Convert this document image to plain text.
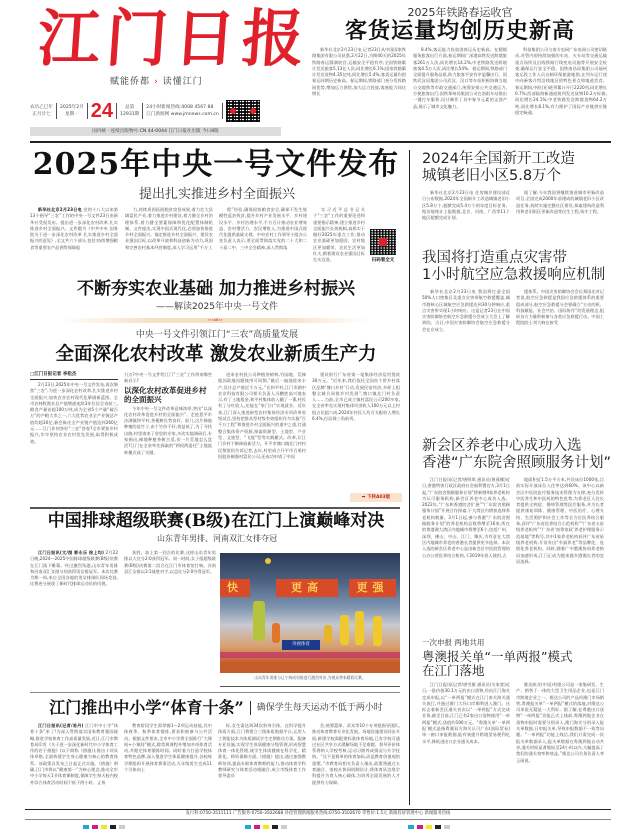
江门日报
赋能侨都 › 读懂江门
农历乙巳年
正月廿七
2025年2月
星期一 24	总第
12931期
24小时新闻热线:4008 4567 88
江门新闻网 www.jmnews.com.cn
国内统一连续出版物号:CN 44-0044 江门日报社出版 今日8版
2025年铁路春运收官
客货运量均创历史新高
新华社北京2月23日电 记者23日从中国国家铁路集团有限公司获悉,2月22日,为期40天的2025年铁路春运圆满收官,运输安全平稳有序,全国铁路累计发送旅客5.13亿人次,同比增长6.1%;国家铁路累计发送货物4.35亿吨,同比增长5.4%,客货运量均创春运同期历史新高。春运期间,铁路部门充分发挥路网优势,增加运力供给,加大运力投放,客座能力同比增长
8.4%,客运能力投放创春运历史新高。在精细服务旅客出行方面,春运期间广深港高铁发送跨境旅客261万人次,同比增长14.2%,中老铁路发送跨境旅客4.5万人次,同比增长54%。春运期间,铁路部门全面提升服务品质,助力旅客平安有序温馨出行。国铁武汉局集团公司武汉、汉口等车站积极协调当地公交地铁等市政交通部门,统筹安排公共交通运力,方便旅客出行;国铁郑州局集团公司在洛阳车站推出一键打车服务,设计制作了具中春节元素的文创产品,展示了城市文化魅力。
科技集团公司与南方电网广东电网公司密切联动,对管内原持续加强的车站、火车站等交通运输重点场所及沿线铁路行线变电设施等开展安全检查,确保运行安全平稳。国铁南昌局集团公司福州客运段工作人员自制环保旅游地图,在列车运行途中向乘客介绍沿线地区的特色景点和地道美食。春运期间,中欧(亚)班列累计开行2220列,同比增长0.7%;西部陆海新通道班列发送货物10.2万标箱,同比增长24.1%;中老铁路发送跨境货物64.2万吨,同比增长8.1%,有力维护了国际产业链供应链稳定畅通。
2025年中央一号文件发布
提出扎实推进乡村全面振兴
新华社北京2月23日电 党的十八大以来第13个指导“三农”工作的中央一号文件23日由新华社受权发布。提出进一步深化农村改革,扎实推进乡村全面振兴。文件题为《中共中央 国务院关于进一步深化农村改革 扎实推进乡村全面振兴的意见》,全文共六个部分,包括:持续增强粮食等重要农产品供给保障能
力,持续巩固拓展脱贫攻坚成果,着力壮大县域富民产业,着力推进乡村建设,着力健全乡村治理体系,着力健全要素保障和优化配置体制机制。文件提出,实现中国式现代化,必须加快推进乡村全面振兴。锚定推进乡村全面振兴、建设农业强国目标,以改革开放和科技创新为动力,巩固和完善农村基本经营制度,深入学习运用“千万工
程”经验,确保国家粮食安全,确保不发生规模性返贫致贫,提升乡村产业发展水平、乡村建设水平、乡村治理水平,千方百计推动农业增效益、农村增活力、农民增收入,为推进中国式现代化提供基础支撑。中央农村工作领导小组办公室负责人表示,要全面贯彻落实党的二十大和二十届二中、三中全会精神,深入贯彻落
实习近平总书记关于“三农”工作的重要论述和重要指示精神,建立推进乡村全面振兴长效机制,真抓实干做好2025年重点工作,推动农业基础更加稳固、农村地区更加繁荣、农民生活更加红火,朝着建设农业强国目标扎实迈进。	扫码看全文
不断夯实农业基础 加力推进乡村振兴
——解读2025年中央一号文件
»»»AB««
中央一号文件引领江门“三农”高质量发展
全面深化农村改革 激发农业新质生产力
□江门日报记者 李松杰
2月23日,2025年中央一号文件发布,再次聚焦“三农”,为进一步深化农村改革,扎实推进乡村全面振兴,加快农业农村现代化擘画新蓝图。全市农林牧渔业总产值增速连续3年位居全省前三,粮食产量首超100万吨,成为全省5个产量“破百万”的产粮大市之一,六大优势农业全产业链总产值均超30亿,新会陈皮全产业链产值达到260亿元……江门作何答好“三农”答卷?全市紧扣乡村振兴,牢牢坚持农业农村优先发展,取得积极成效。
力点?中央一号文件给江门“三农”工作带来哪些新启示?
以深化农村改革促进乡村的全面振兴
今年中央一号文件改革意味浓厚,突出“以深化农村改革促进乡村的全面振兴”。走进恩平市沙湖镇和平村,茶梗树长势良好。前几,这片梯地种植的是竹子,由于竹价不好,效益低了,为了寻找出路,村里请来了省里的专家,多次实地调研后,专家指出,梯地种植茶树合适,但一片荒地怎么盘活?江门在全省率先探索的“两权两委托”土地流转模式成了关键。
进来农村投公司种植茶树林,竹园地、荒梯地因政地问题使用可同频,“截后一遍地进来丰产,设计总产值近千万元。”在和平村,江门市湖中农业科技有限公司相关负责人冯鹏胜高兴地表示,有了土地租金,和平村集体收入翻了一番,村民有了分红收入,还能在“家门口”实现就业。近年来,江门深入推进新型农村集体经济专项改革省级试点,坚持把推具型村级有效组织作为实施“百千万工程”和推进乡村全面振兴的重中之重,打通整合集体资产资源,探索资源型、土地型、产业型、文旅型、“飞地”型等实践模式。改革,让江门乡村不断释放新活力。开平市塘口镇北门村村民黎凯恒告诉记者,去年,村里成立开平市百果村恒股份制强村富民公司,还成功申请了中国
建设银行广东省第一笔集体经济信用贷款30万元。“近年来,我们依托全国首个侨乡村落区品牌‘塘口乡村’行动,发展民宿经济,多样上租整全域合同推乡村发展”,塘口镇北门村负责人……当前,全市已成立镇村富民公司200多家,在全省率先实现村集体经济收入100万元以上村组占比超六成,2024年村民人均可支配收入增长6.4%,位居珠三角前列。
➡ 下转A03版
中国排球超级联赛(B级)在江门上演巅峰对决
山东青年男排、河南双汇女排夺冠
江门日报讯(文/图 郭永乐 徐上均) 2月22日晚,2024—2025中国排球超级联赛(B级)决赛在江门落下帷幕。经过激烈角逐,山东青年男排和河南双汇女排分别获得男女排冠军。本次比赛为期一周,来自全国各地的男女排球队同场竞技,比赛充分展现了新时代排球运动员的风貌。
获胜。加上第一回合的比赛,这样山东青年男排以大比分2:0获得冠军。同一时间,女子组超级联赛(B级)决赛第二回合在江门市体育馆打响。河南双汇女排以3:1战胜对手,以总比分2:0夺得冠军。
快	更高	更强
央视体育
山东青年男排与辽宁鸿成男排进行激烈对决,为观众带来精彩比赛。
江门推出中小学“体育十条” 确保学生每天运动不低于两小时
江门日报讯(记者/易丹) 江门市中小学“体育十条”来了!为深入贯彻落实国家教育强国战略,推进学校体育工作高质量发展,近日,江门市教育局印发《关于进一步深化新时代中小学体育工作的若干措施》(以下简称《措施》),推出十项具体举措,全面构建学生身心健康为核心的教育体系。该政策自发布之日起正式实施。《措施》明确,江门市将以“健康第一”为核心理念,推动全市中小学每天1节体育课制度,保障学生每天校内校外综合体育活动时间不低于两小时。义务
教育阶段学生需掌握1—2项运动技能,其中体春季、秋季体育锻炼,要求积极参与公共活动。根据文件要求,全市中小学将全面推行“大课间+小课间”模式,除常规课程外增加多项体育活动,并限定体育锻炼时间。同时着力打造学校体育特色品牌,深入推进学生体质健康提升,各校每学期组织开展体育赛事活动,九年级男生完成11个引体向上
标,女生需达到34次斜身引体。在科学提升体质方面,江门将建立三级体质数据平台,运用人工智能技术为体质测试学生定期推送方案。配备专业设施,实现学生体质健康分级管理,形成智慧体育一体化管理,使学生体质健康在科学化、精准化。师资保障方面,《措施》提出,通过加强教师培训,提高专职体育教师的能力,推动体育学科教师研究与体育活动相融合,成立市级体育工作督导委员
会,统筹篮球、武术等10个专项组指导团队,推动体育教育专业化发展。场地设施建设同步开展,新建学校需配建标准体育场地,已有学校可通过社区共享方式缓解场地不足难题。督导评价体系将纳入学校考核,运动习惯养成情况与升学挂钩。“这不是简单的体育加码,而是教育价值观的重塑。”市教育局相关负责人指出,政策将通过五育融合、家校社协同机制设计,将体育从边缘学科提升为育人核心载体,为培养全面发展的人才提供有力保障。
2024年全国新开工改造
城镇老旧小区5.8万个
新华社北京2月23日电 住房城乡建设部近日公布数据,2024年全国新开工改造城镇老旧小区5.8万个,超额完成5.4万个的年度目标任务。据各地统计上报数据,北京、河南、广西等11个地区超额完成计划。
据了解,今年我国将继续推进城市更新改造项目,全国完成2000年前建成的城镇老旧小区改造任务,持续实施完整社区建设,探索建筑改造利用和老旧街区更新改造等民生工程,筑牢工程。
我国将打造重点灾害带
1小时航空应急救援响应机制
新华社北京2月23日电 我国将打造全国50%人口密集区及重点灾害带航空救援覆盖,城市群核心区域航空应急救援达到30分钟响应,重点灾害带实现1小时响应。这是记者23日在中国灾害防御协会航空应急救援分会成立大会上了解到的。当日,中国灾害防御协会航空应急救援分会在京成立,
援体系。中国灾害防御协会会长郑国光对记者说,航空应急救援是我国应急救援体系的重要组成部分,航空应急救援分会要确立“主动的枢、科技赋能、社会共治、国际协作”的发展理念,组织各方力量积极参与各类应急救援行动。中国工程院院士刘大响在接受
新会区养老中心成功入选
香港“广东院舍照顾服务计划”
江门日报讯(记者/唐明琪 通讯员/黄燕娜)近日,香港特别行政区政府社会福利署官方,3月1日起,“广东院舍照顾服务计划”将新增4家养老机构为认可服务机构,新会区养老中心成功入选。2022年,“广东和香港院舍扩展”“广东院舍照顾服务计划”开展合作探索,于大湾区内增加选择养老机构数量。3月1日起,参与香港“广东院舍照顾服务计划”的养老机构总数将增至16家,所在的粤港澳大湾区内地城市将增至6个,包括广州、深圳、佛山、中山、江门、肇庆,为有意在大湾区内地城市养老的香港长者提供更多选择。本次入选的新会区养老中心是由新会区中医院管理的公办公营医养结合机构,于2019年投入使用,占
地面积近1.5万平方米,共设床位1000张,目前实际开放床位入住率达到60%。该中心以新会区中医院医疗服务技术管理为支撑,充分发挥中医养生和中医药的特色优势,为养老区人住长者提供全病症、慢病管理等医疗服务,并为长者提供康复训练、健康管理、中医治疗、心理支持、生活照护和社会工作等全方位医养结合服务,获评“广东省医养结合示范机构”“广东省五星级养老机构”“广东省‘南粤家政’养老护理服务示范基地”等称号,其中1家养老机构获评广东省星级养老机构,开设有出“幸福养老”等品牌化、连锁化养老机构。同时,随着广中港澳协同养老格局加速形成,江门正成为越来越多港澳长者的宜居选择。
一次申报 两地共用
粤澳报关单“一单两报”模式
在江门落地
江门日报讯(记者/唐雪敏 通讯员/关家萱)近日,一批价值30.1万元的出口货物,经由江门海关完成申报,以“一单两报”模式在江门南关海关通关放行,并通过澳门大环口岸顺利进入澳门。这标志着新会区通关首次以“一单两报”方式完成业务,截至目前,江门已有2家出口货物使用“一单两报”模式,货值约190万元。“粤澳关单‘一单两报’模式是指粤澳双方海关认可广东(国际贸易)单一窗口申报数据,能有效提升跨境贸易便利化水平,降低进出口企业通关成本。
维达纸业(中国)有限公司是一家集研发、生产、销售于一体的大型卫生用品企业,也是江门市跨境企业之一。维达公司的产品经澳门市场销售,粤澳报关单“一单两报”模式的落地,对维达公司来说无疑是一大利好。据了解,在粤港出口货物“一单两报”功能正式上线前,粤澳两地企业在货物申报时需要分别录入,澳门海关分别录入报关单数据,日审报关单,导致申报数据不一致等问题。“一单两报”功能上线后,我们只需完成一次报关单数据录入,报关单数据在粤澳两地自动共享,通关时间显著缩短至24小时以内,大幅提高了我们的通关效率和效益。”维达公司关务负责人李玉丽说。
发行科:0750-3511111 广告服务:0750-3502688 补偿管理新闻服务热线:0750-3502670 零售价:1.5元 新闻投诉管理中心 新闻服务热线
